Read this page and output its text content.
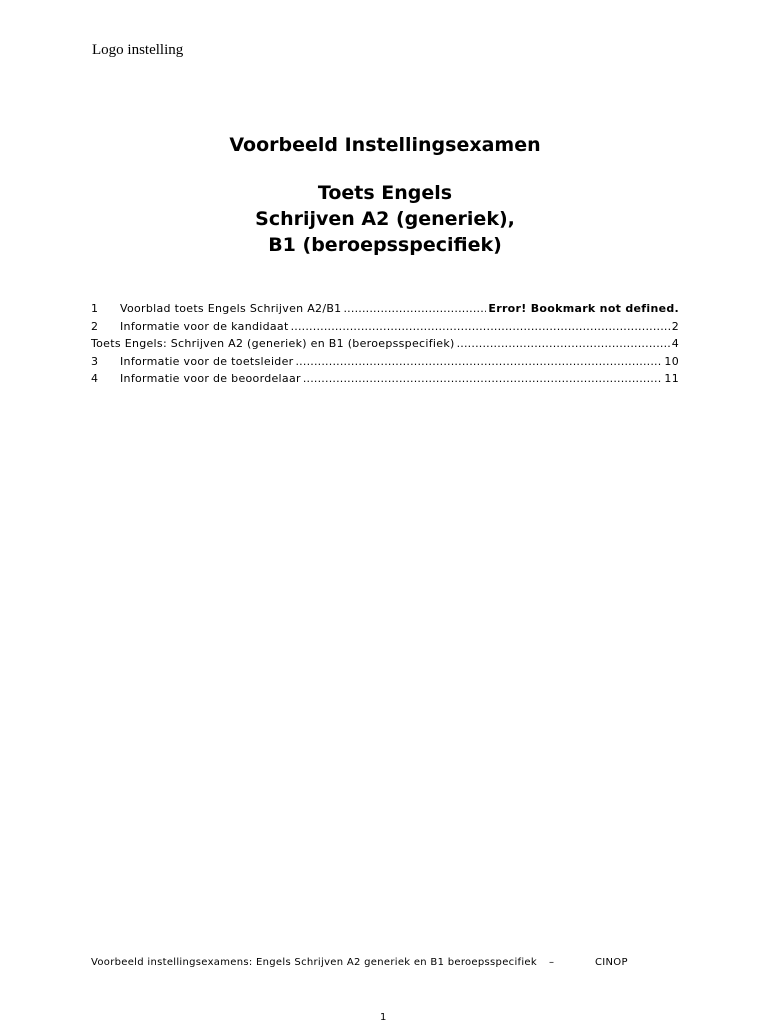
Logo instelling
Voorbeeld Instellingsexamen
Toets Engels
Schrijven A2 (generiek),
B1 (beroepsspecifiek)
1	Voorblad toets Engels Schrijven A2/B1 .....	Error! Bookmark not defined.
2	Informatie voor de kandidaat .....	2
Toets Engels: Schrijven A2 (generiek) en B1 (beroepsspecifiek) .....	4
3	Informatie voor de toetsleider .....	10
4	Informatie voor de beoordelaar .....	11
Voorbeeld instellingsexamens: Engels Schrijven A2 generiek en B1 beroepsspecifiek –	CINOP
1
